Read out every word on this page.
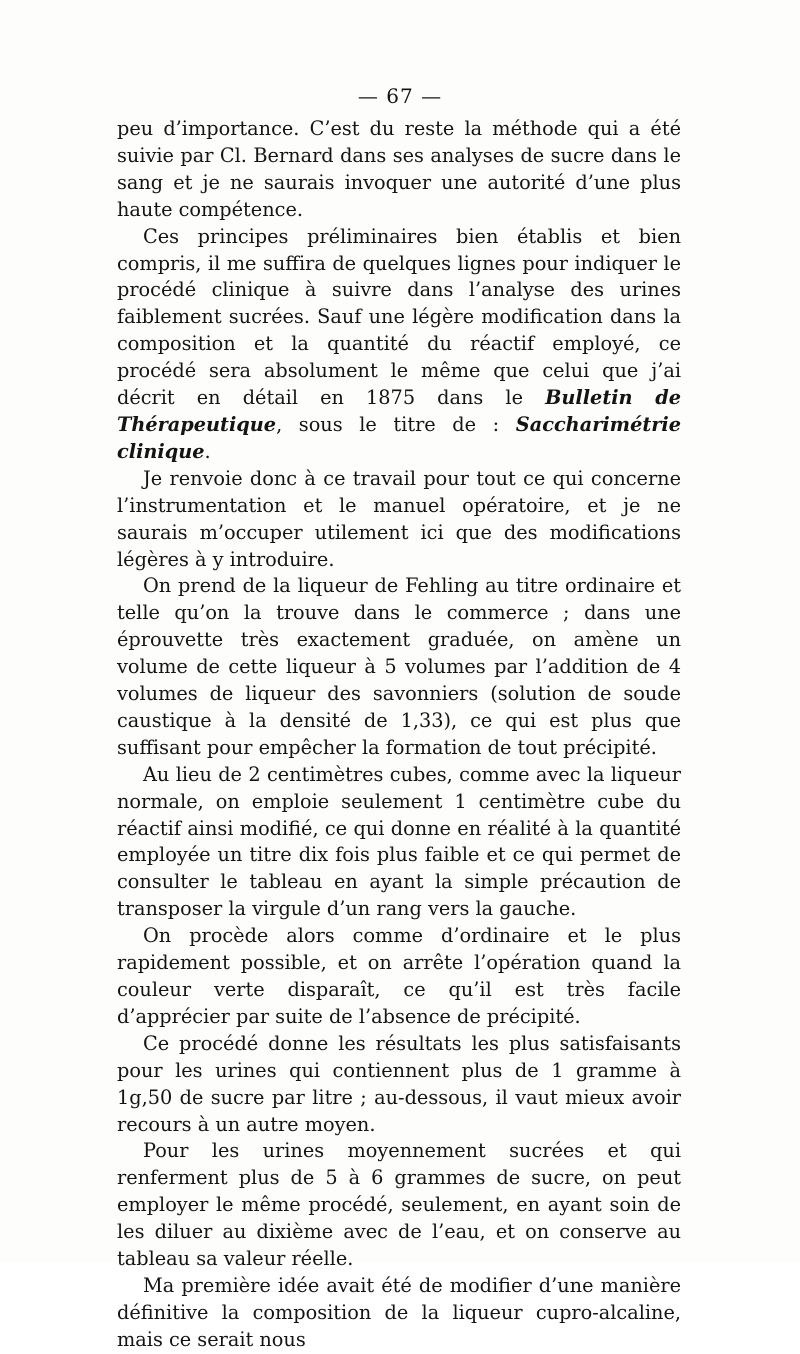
— 67 —

peu d’importance. C’est du reste la méthode qui a été suivie par Cl. Bernard dans ses analyses de sucre dans le sang et je ne saurais invoquer une autorité d’une plus haute compétence.

Ces principes préliminaires bien établis et bien compris, il me suffira de quelques lignes pour indiquer le procédé clinique à suivre dans l’analyse des urines faiblement sucrées. Sauf une légère modification dans la composition et la quantité du réactif employé, ce procédé sera absolument le même que celui que j’ai décrit en détail en 1875 dans le Bulletin de Thérapeutique, sous le titre de : Saccharimétrie clinique.

Je renvoie donc à ce travail pour tout ce qui concerne l’instrumentation et le manuel opératoire, et je ne saurais m’occuper utilement ici que des modifications légères à y introduire.

On prend de la liqueur de Fehling au titre ordinaire et telle qu’on la trouve dans le commerce ; dans une éprouvette très exactement graduée, on amène un volume de cette liqueur à 5 volumes par l’addition de 4 volumes de liqueur des savonniers (solution de soude caustique à la densité de 1,33), ce qui est plus que suffisant pour empêcher la formation de tout précipité.

Au lieu de 2 centimètres cubes, comme avec la liqueur normale, on emploie seulement 1 centimètre cube du réactif ainsi modifié, ce qui donne en réalité à la quantité employée un titre dix fois plus faible et ce qui permet de consulter le tableau en ayant la simple précaution de transposer la virgule d’un rang vers la gauche.

On procède alors comme d’ordinaire et le plus rapidement possible, et on arrête l’opération quand la couleur verte disparaît, ce qu’il est très facile d’apprécier par suite de l’absence de précipité.

Ce procédé donne les résultats les plus satisfaisants pour les urines qui contiennent plus de 1 gramme à 1g,50 de sucre par litre ; au-dessous, il vaut mieux avoir recours à un autre moyen.

Pour les urines moyennement sucrées et qui renferment plus de 5 à 6 grammes de sucre, on peut employer le même procédé, seulement, en ayant soin de les diluer au dixième avec de l’eau, et on conserve au tableau sa valeur réelle.

Ma première idée avait été de modifier d’une manière définitive la composition de la liqueur cupro-alcaline, mais ce serait nous
